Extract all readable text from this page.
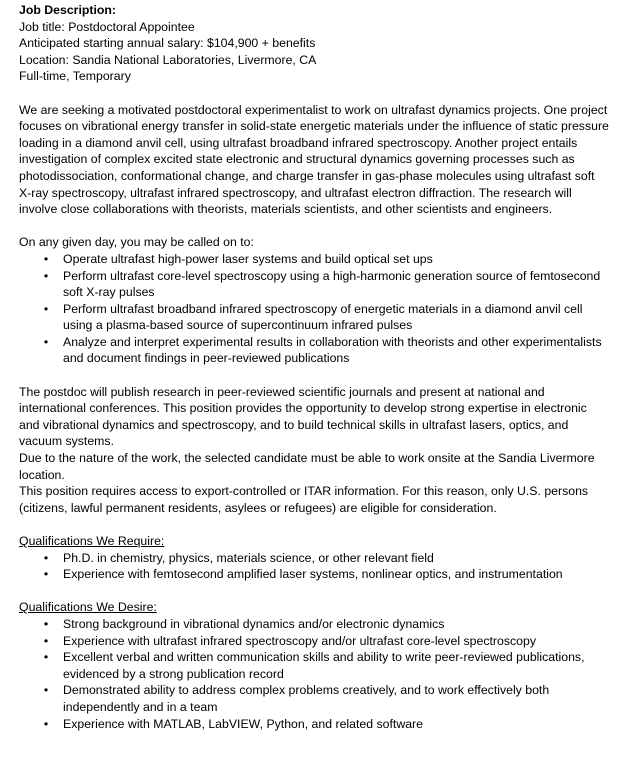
Job Description:

Job title: Postdoctoral Appointee

Anticipated starting annual salary: $104,900 + benefits

Location: Sandia National Laboratories, Livermore, CA

Full-time, Temporary

We are seeking a motivated postdoctoral experimentalist to work on ultrafast dynamics projects. One project focuses on vibrational energy transfer in solid-state energetic materials under the influence of static pressure loading in a diamond anvil cell, using ultrafast broadband infrared spectroscopy. Another project entails investigation of complex excited state electronic and structural dynamics governing processes such as photodissociation, conformational change, and charge transfer in gas-phase molecules using ultrafast soft X-ray spectroscopy, ultrafast infrared spectroscopy, and ultrafast electron diffraction. The research will involve close collaborations with theorists, materials scientists, and other scientists and engineers.

On any given day, you may be called on to:

• Operate ultrafast high-power laser systems and build optical set ups
• Perform ultrafast core-level spectroscopy using a high-harmonic generation source of femtosecond soft X-ray pulses
• Perform ultrafast broadband infrared spectroscopy of energetic materials in a diamond anvil cell using a plasma-based source of supercontinuum infrared pulses
• Analyze and interpret experimental results in collaboration with theorists and other experimentalists and document findings in peer-reviewed publications

The postdoc will publish research in peer-reviewed scientific journals and present at national and international conferences. This position provides the opportunity to develop strong expertise in electronic and vibrational dynamics and spectroscopy, and to build technical skills in ultrafast lasers, optics, and vacuum systems.

Due to the nature of the work, the selected candidate must be able to work onsite at the Sandia Livermore location.

This position requires access to export-controlled or ITAR information. For this reason, only U.S. persons (citizens, lawful permanent residents, asylees or refugees) are eligible for consideration.

Qualifications We Require:

• Ph.D. in chemistry, physics, materials science, or other relevant field
• Experience with femtosecond amplified laser systems, nonlinear optics, and instrumentation

Qualifications We Desire:

• Strong background in vibrational dynamics and/or electronic dynamics
• Experience with ultrafast infrared spectroscopy and/or ultrafast core-level spectroscopy
• Excellent verbal and written communication skills and ability to write peer-reviewed publications, evidenced by a strong publication record
• Demonstrated ability to address complex problems creatively, and to work effectively both independently and in a team
• Experience with MATLAB, LabVIEW, Python, and related software
